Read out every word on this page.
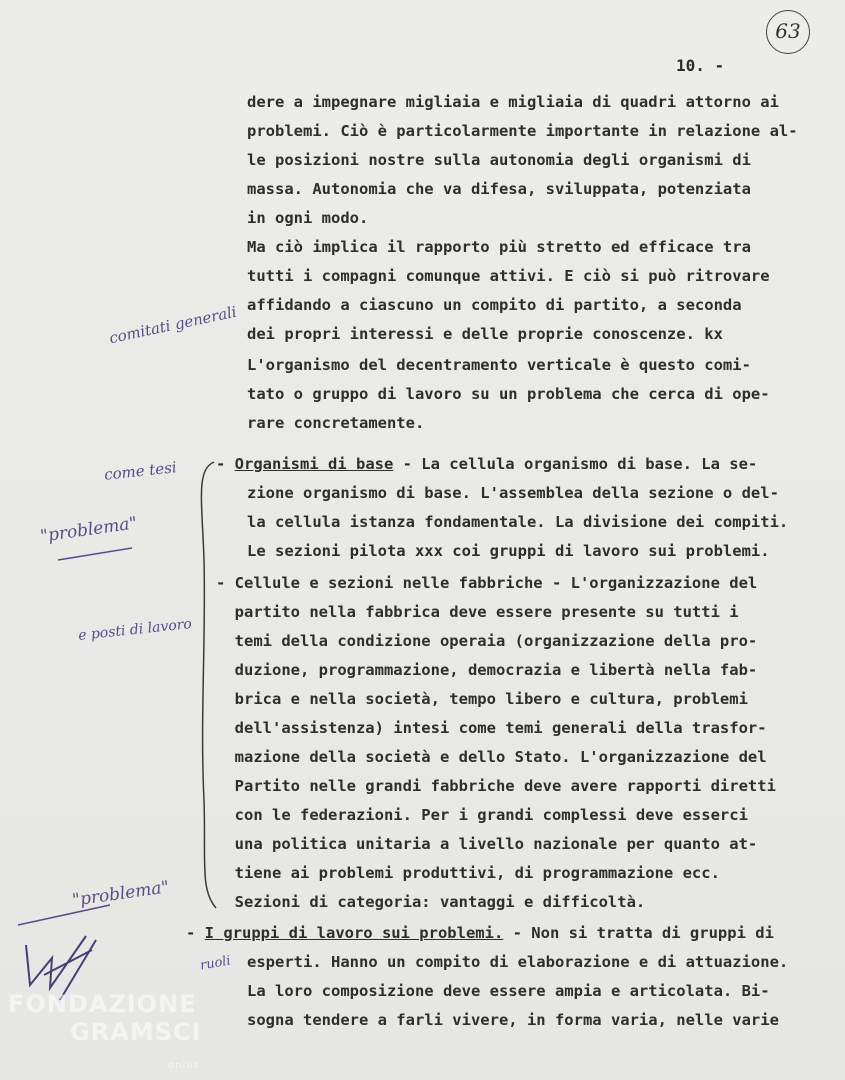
63
10. -
dere a impegnare migliaia e migliaia di quadri attorno ai
problemi. Ciò è particolarmente importante in relazione al-
le posizioni nostre sulla autonomia degli organismi di
massa. Autonomia che va difesa, sviluppata, potenziata
in ogni modo.
Ma ciò implica il rapporto più stretto ed efficace tra
tutti i compagni comunque attivi. E ciò si può ritrovare
affidando a ciascuno un compito di partito, a seconda
dei propri interessi e delle proprie conoscenze. kx
L'organismo del decentramento verticale è questo comi-
tato o gruppo di lavoro su un problema che cerca di ope-
rare concretamente.
- Organismi di base - La cellula organismo di base. La se-
zione organismo di base. L'assemblea della sezione o del-
la cellula istanza fondamentale. La divisione dei compiti.
Le sezioni pilota xxx coi gruppi di lavoro sui problemi.
- Cellule e sezioni nelle fabbriche - L'organizzazione del
partito nella fabbrica deve essere presente su tutti i
temi della condizione operaia (organizzazione della pro-
duzione, programmazione, democrazia e libertà nella fab-
brica e nella società, tempo libero e cultura, problemi
dell'assistenza) intesi come temi generali della trasfor-
mazione della società e dello Stato. L'organizzazione del
Partito nelle grandi fabbriche deve avere rapporti diretti
con le federazioni. Per i grandi complessi deve esserci
una politica unitaria a livello nazionale per quanto at-
tiene ai problemi produttivi, di programmazione ecc.
Sezioni di categoria: vantaggi e difficoltà.
- I gruppi di lavoro sui problemi. - Non si tratta di gruppi di
esperti. Hanno un compito di elaborazione e di attuazione.
La loro composizione deve essere ampia e articolata. Bi-
sogna tendere a farli vivere, in forma varia, nelle varie
comitati generali
come tesi
"problema"
e posti di lavoro
"problema"
ruoli
FONDAZIONE
GRAMSCI
onlus
